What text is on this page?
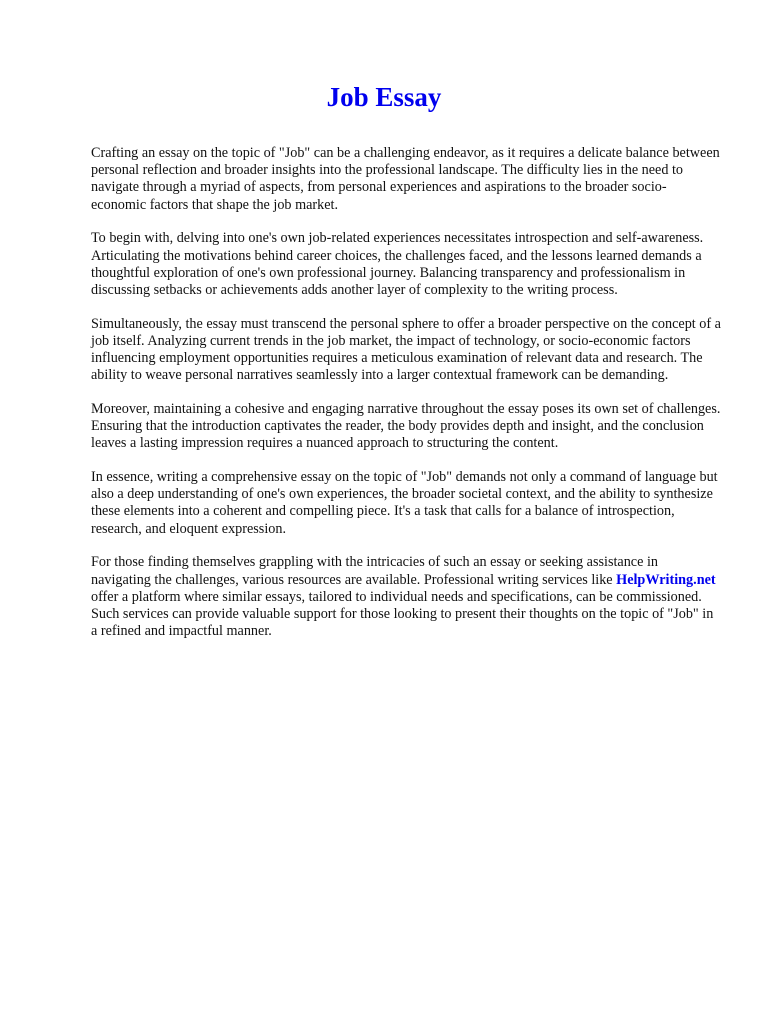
Job Essay

Crafting an essay on the topic of "Job" can be a challenging endeavor, as it requires a delicate balance between personal reflection and broader insights into the professional landscape. The difficulty lies in the need to navigate through a myriad of aspects, from personal experiences and aspirations to the broader socio-economic factors that shape the job market.

To begin with, delving into one's own job-related experiences necessitates introspection and self-awareness. Articulating the motivations behind career choices, the challenges faced, and the lessons learned demands a thoughtful exploration of one's own professional journey. Balancing transparency and professionalism in discussing setbacks or achievements adds another layer of complexity to the writing process.

Simultaneously, the essay must transcend the personal sphere to offer a broader perspective on the concept of a job itself. Analyzing current trends in the job market, the impact of technology, or socio-economic factors influencing employment opportunities requires a meticulous examination of relevant data and research. The ability to weave personal narratives seamlessly into a larger contextual framework can be demanding.

Moreover, maintaining a cohesive and engaging narrative throughout the essay poses its own set of challenges. Ensuring that the introduction captivates the reader, the body provides depth and insight, and the conclusion leaves a lasting impression requires a nuanced approach to structuring the content.

In essence, writing a comprehensive essay on the topic of "Job" demands not only a command of language but also a deep understanding of one's own experiences, the broader societal context, and the ability to synthesize these elements into a coherent and compelling piece. It's a task that calls for a balance of introspection, research, and eloquent expression.

For those finding themselves grappling with the intricacies of such an essay or seeking assistance in navigating the challenges, various resources are available. Professional writing services like HelpWriting.net offer a platform where similar essays, tailored to individual needs and specifications, can be commissioned. Such services can provide valuable support for those looking to present their thoughts on the topic of "Job" in a refined and impactful manner.
